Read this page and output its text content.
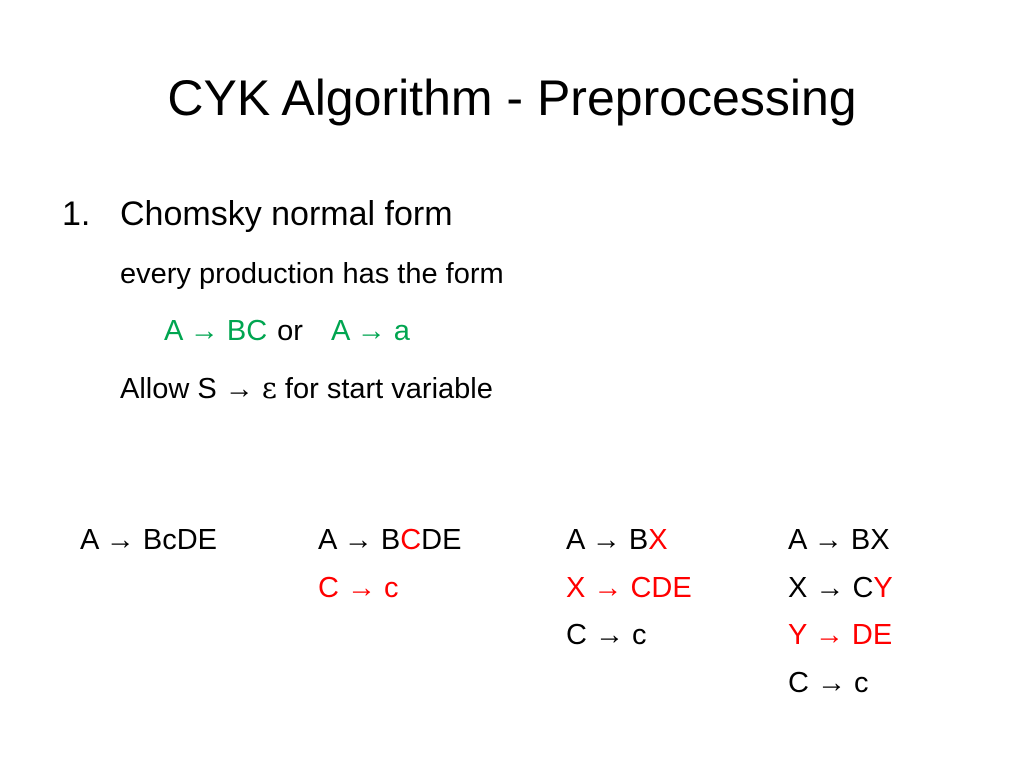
CYK Algorithm - Preprocessing
1. Chomsky normal form
every production has the form
A → BC or A → a
Allow S → ε for start variable
A → BcDE	A → BCDE
C → c
A → BX
X → CDE
C → c
A → BX
X → CY
Y → DE
C → c
